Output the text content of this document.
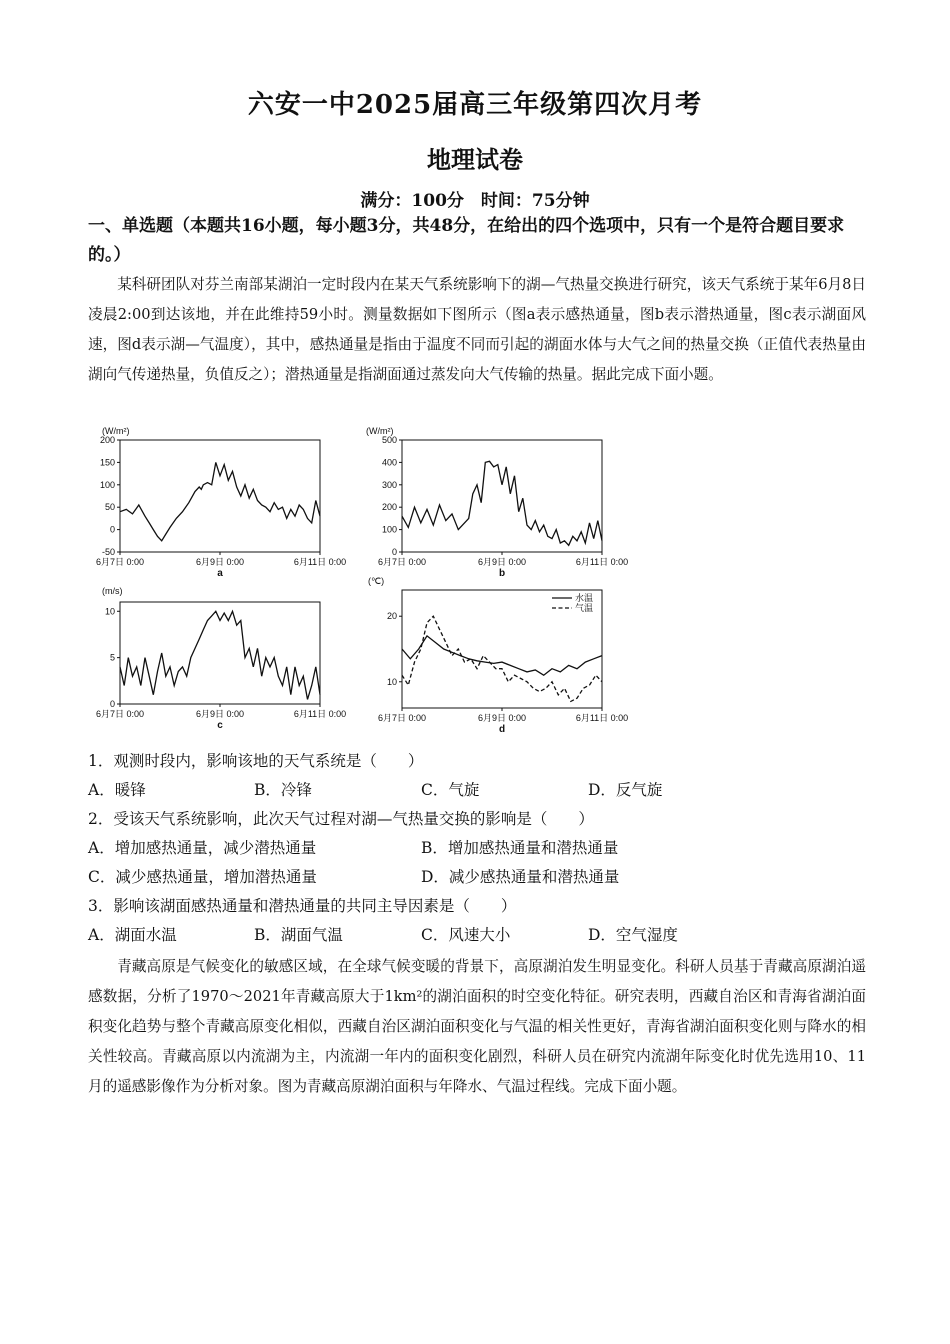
六安一中2025届高三年级第四次月考
地理试卷
满分：100分　时间：75分钟
一、单选题（本题共16小题，每小题3分，共48分，在给出的四个选项中，只有一个是符合题目要求的。）
某科研团队对芬兰南部某湖泊一定时段内在某天气系统影响下的湖—气热量交换进行研究，该天气系统于某年6月8日凌晨2:00到达该地，并在此维持59小时。测量数据如下图所示（图a表示感热通量，图b表示潜热通量，图c表示湖面风速，图d表示湖—气温度），其中，感热通量是指由于温度不同而引起的湖面水体与大气之间的热量交换（正值代表热量由湖向气传递热量，负值反之）；潜热通量是指湖面通过蒸发向大气传输的热量。据此完成下面小题。
(W/m²)
200
150
100
50
0
-50
6月7日 0:00	6月9日 0:00	6月11日 0:00
a
(W/m²)
500
400
300
200
100
0
6月7日 0:00	6月9日 0:00	6月11日 0:00
b
(m/s)
10
5
0
6月7日 0:00	6月9日 0:00	6月11日 0:00
c
(℃)
20
10
6月7日 0:00	6月9日 0:00	6月11日 0:00
d
水温
气温
1．观测时段内，影响该地的天气系统是（　　）
A．暖锋	B．冷锋	C．气旋	D．反气旋
2．受该天气系统影响，此次天气过程对湖—气热量交换的影响是（　　）
A．增加感热通量，减少潜热通量	B．增加感热通量和潜热通量
C．减少感热通量，增加潜热通量	D．减少感热通量和潜热通量
3．影响该湖面感热通量和潜热通量的共同主导因素是（　　）
A．湖面水温	B．湖面气温	C．风速大小	D．空气湿度
青藏高原是气候变化的敏感区域，在全球气候变暖的背景下，高原湖泊发生明显变化。科研人员基于青藏高原湖泊遥感数据，分析了1970～2021年青藏高原大于1km²的湖泊面积的时空变化特征。研究表明，西藏自治区和青海省湖泊面积变化趋势与整个青藏高原变化相似，西藏自治区湖泊面积变化与气温的相关性更好，青海省湖泊面积变化则与降水的相关性较高。青藏高原以内流湖为主，内流湖一年内的面积变化剧烈，科研人员在研究内流湖年际变化时优先选用10、11月的遥感影像作为分析对象。图为青藏高原湖泊面积与年降水、气温过程线。完成下面小题。
